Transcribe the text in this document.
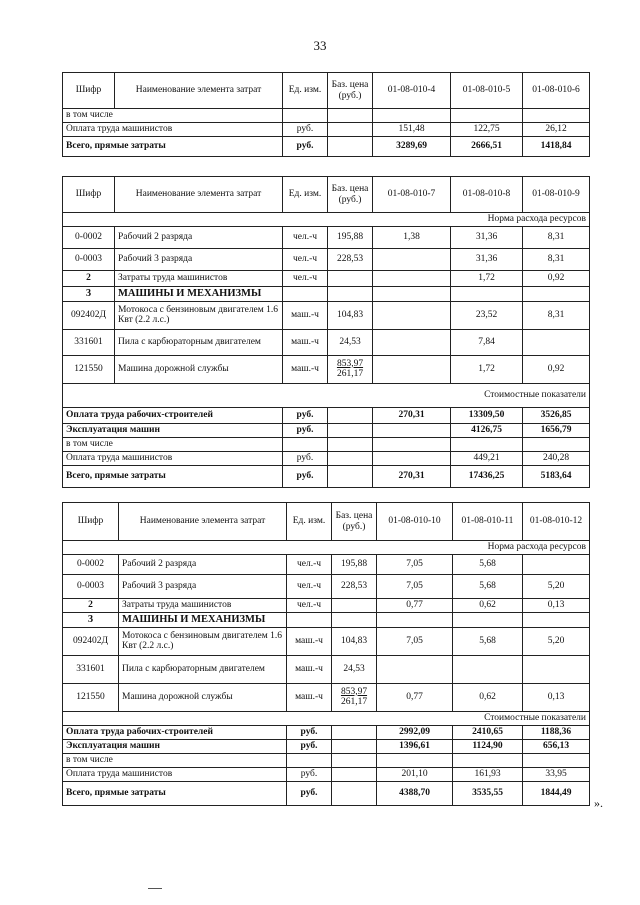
33
Шифр	Наименование элемента затрат	Ед. изм.	Баз. цена (руб.)	01-08-010-4	01-08-010-5	01-08-010-6
в том числе						
Оплата труда машинистов		руб.		151,48	122,75	26,12
Всего, прямые затраты		руб.		3289,69	2666,51	1418,84
Шифр	Наименование элемента затрат	Ед. изм.	Баз. цена (руб.)	01-08-010-7	01-08-010-8	01-08-010-9
Норма расхода ресурсов						
0-0002	Рабочий 2 разряда	чел.-ч	195,88	1,38	31,36	8,31
0-0003	Рабочий 3 разряда	чел.-ч	228,53		31,36	8,31
2	Затраты труда машинистов	чел.-ч			1,72	0,92
3	МАШИНЫ И МЕХАНИЗМЫ					
092402Д	Мотокоса с бензиновым двигателем 1.6 Квт (2.2 л.с.)	маш.-ч	104,83		23,52	8,31
331601	Пила с карбюраторным двигателем	маш.-ч	24,53		7,84	
121550	Машина дорожной службы	маш.-ч	853,97
261,17		1,72	0,92
Стоимостные показатели						
Оплата труда рабочих-строителей		руб.		270,31	13309,50	3526,85
Эксплуатация машин		руб.			4126,75	1656,79
в том числе						
Оплата труда машинистов		руб.			449,21	240,28
Всего, прямые затраты		руб.		270,31	17436,25	5183,64
Шифр	Наименование элемента затрат	Ед. изм.	Баз. цена (руб.)	01-08-010-10	01-08-010-11	01-08-010-12
Норма расхода ресурсов						
0-0002	Рабочий 2 разряда	чел.-ч	195,88	7,05	5,68	
0-0003	Рабочий 3 разряда	чел.-ч	228,53	7,05	5,68	5,20
2	Затраты труда машинистов	чел.-ч		0,77	0,62	0,13
3	МАШИНЫ И МЕХАНИЗМЫ					
092402Д	Мотокоса с бензиновым двигателем 1.6 Квт (2.2 л.с.)	маш.-ч	104,83	7,05	5,68	5,20
331601	Пила с карбюраторным двигателем	маш.-ч	24,53			
121550	Машина дорожной службы	маш.-ч	853,97
261,17	0,77	0,62	0,13
Стоимостные показатели						
Оплата труда рабочих-строителей		руб.		2992,09	2410,65	1188,36
Эксплуатация машин		руб.		1396,61	1124,90	656,13
в том числе						
Оплата труда машинистов		руб.		201,10	161,93	33,95
Всего, прямые затраты		руб.		4388,70	3535,55	1844,49
».
